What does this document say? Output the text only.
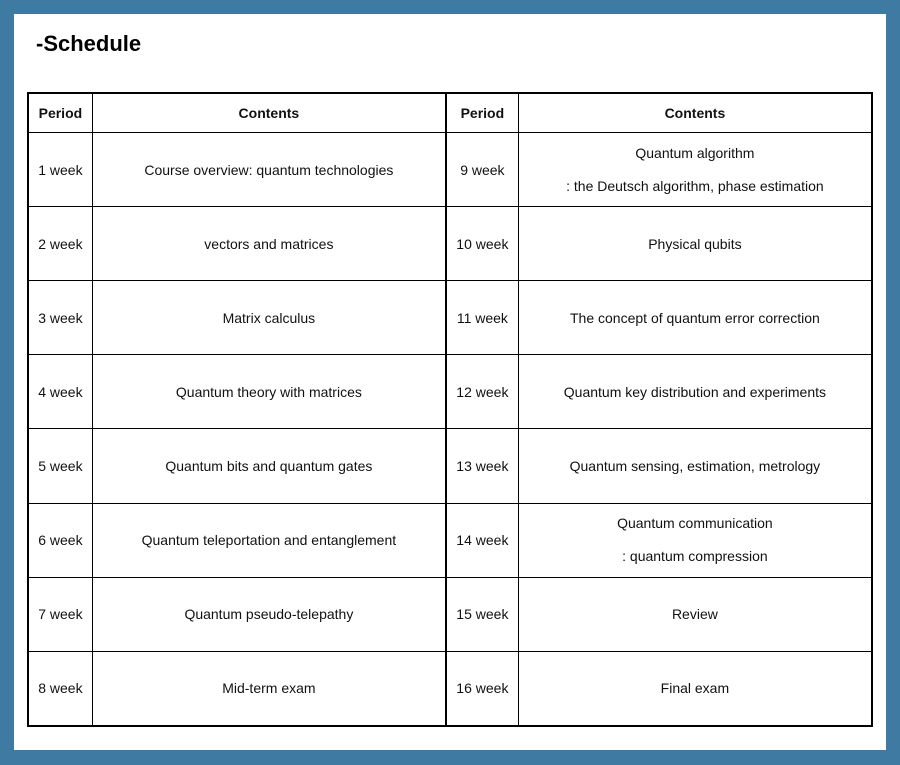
-Schedule
Period	Contents	Period	Contents
1 week	Course overview: quantum technologies	9 week	Quantum algorithm
: the Deutsch algorithm, phase estimation

2 week	vectors and matrices	10 week	Physical qubits
3 week	Matrix calculus	11 week	The concept of quantum error correction
4 week	Quantum theory with matrices	12 week	Quantum key distribution and experiments
5 week	Quantum bits and quantum gates	13 week	Quantum sensing, estimation, metrology
6 week	Quantum teleportation and entanglement	14 week	Quantum communication
: quantum compression

7 week	Quantum pseudo-telepathy	15 week	Review
8 week	Mid-term exam	16 week	Final exam
